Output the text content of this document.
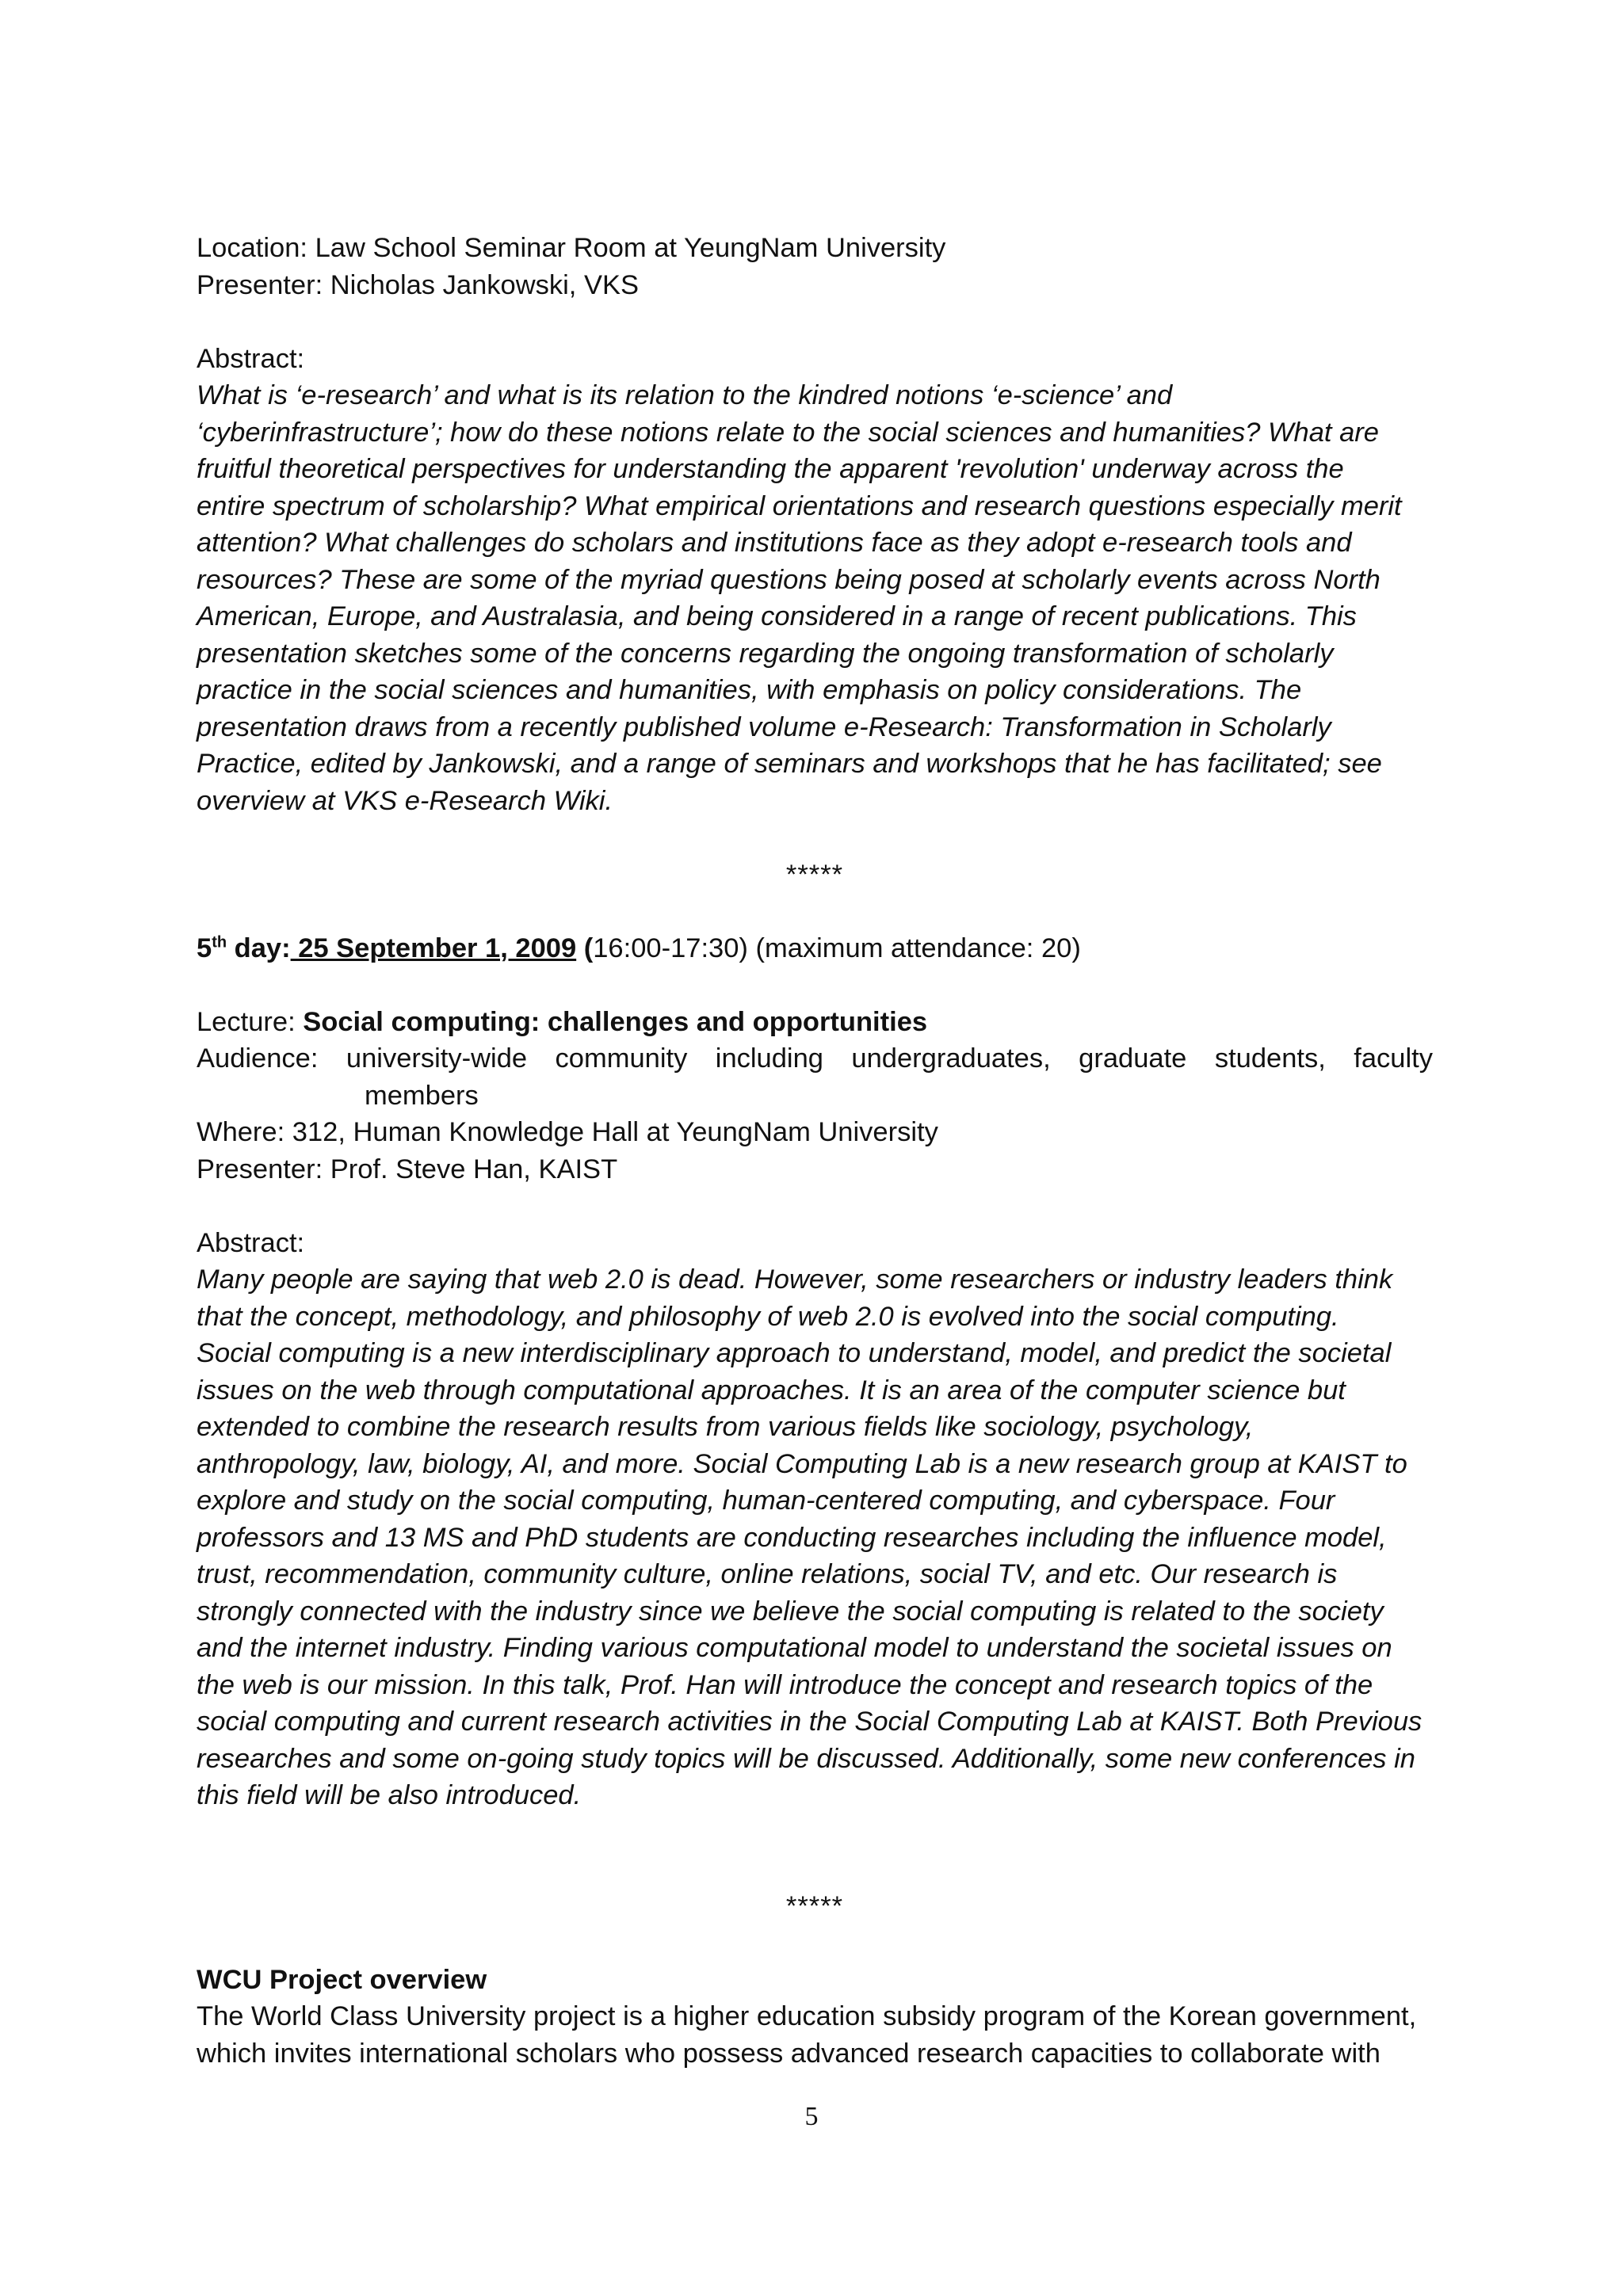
Location: Law School Seminar Room at YeungNam University
Presenter: Nicholas Jankowski, VKS
Abstract:
What is ‘e-research’ and what is its relation to the kindred notions ‘e-science’ and
‘cyberinfrastructure’; how do these notions relate to the social sciences and humanities? What are
fruitful theoretical perspectives for understanding the apparent 'revolution' underway across the
entire spectrum of scholarship? What empirical orientations and research questions especially merit
attention? What challenges do scholars and institutions face as they adopt e-research tools and
resources? These are some of the myriad questions being posed at scholarly events across North
American, Europe, and Australasia, and being considered in a range of recent publications. This
presentation sketches some of the concerns regarding the ongoing transformation of scholarly
practice in the social sciences and humanities, with emphasis on policy considerations. The
presentation draws from a recently published volume e-Research: Transformation in Scholarly
Practice, edited by Jankowski, and a range of seminars and workshops that he has facilitated; see
overview at VKS e-Research Wiki.
*****
5th day: 25 September 1, 2009 (16:00-17:30) (maximum attendance: 20)
Lecture: Social computing: challenges and opportunities
Audience: university-wide community including undergraduates, graduate students, faculty
members
Where: 312, Human Knowledge Hall at YeungNam University
Presenter: Prof. Steve Han, KAIST
Abstract:
Many people are saying that web 2.0 is dead. However, some researchers or industry leaders think
that the concept, methodology, and philosophy of web 2.0 is evolved into the social computing.
Social computing is a new interdisciplinary approach to understand, model, and predict the societal
issues on the web through computational approaches. It is an area of the computer science but
extended to combine the research results from various fields like sociology, psychology,
anthropology, law, biology, AI, and more. Social Computing Lab is a new research group at KAIST to
explore and study on the social computing, human-centered computing, and cyberspace. Four
professors and 13 MS and PhD students are conducting researches including the influence model,
trust, recommendation, community culture, online relations, social TV, and etc. Our research is
strongly connected with the industry since we believe the social computing is related to the society
and the internet industry. Finding various computational model to understand the societal issues on
the web is our mission. In this talk, Prof. Han will introduce the concept and research topics of the
social computing and current research activities in the Social Computing Lab at KAIST. Both Previous
researches and some on-going study topics will be discussed. Additionally, some new conferences in
this field will be also introduced.
*****
WCU Project overview
The World Class University project is a higher education subsidy program of the Korean government,
which invites international scholars who possess advanced research capacities to collaborate with
5
